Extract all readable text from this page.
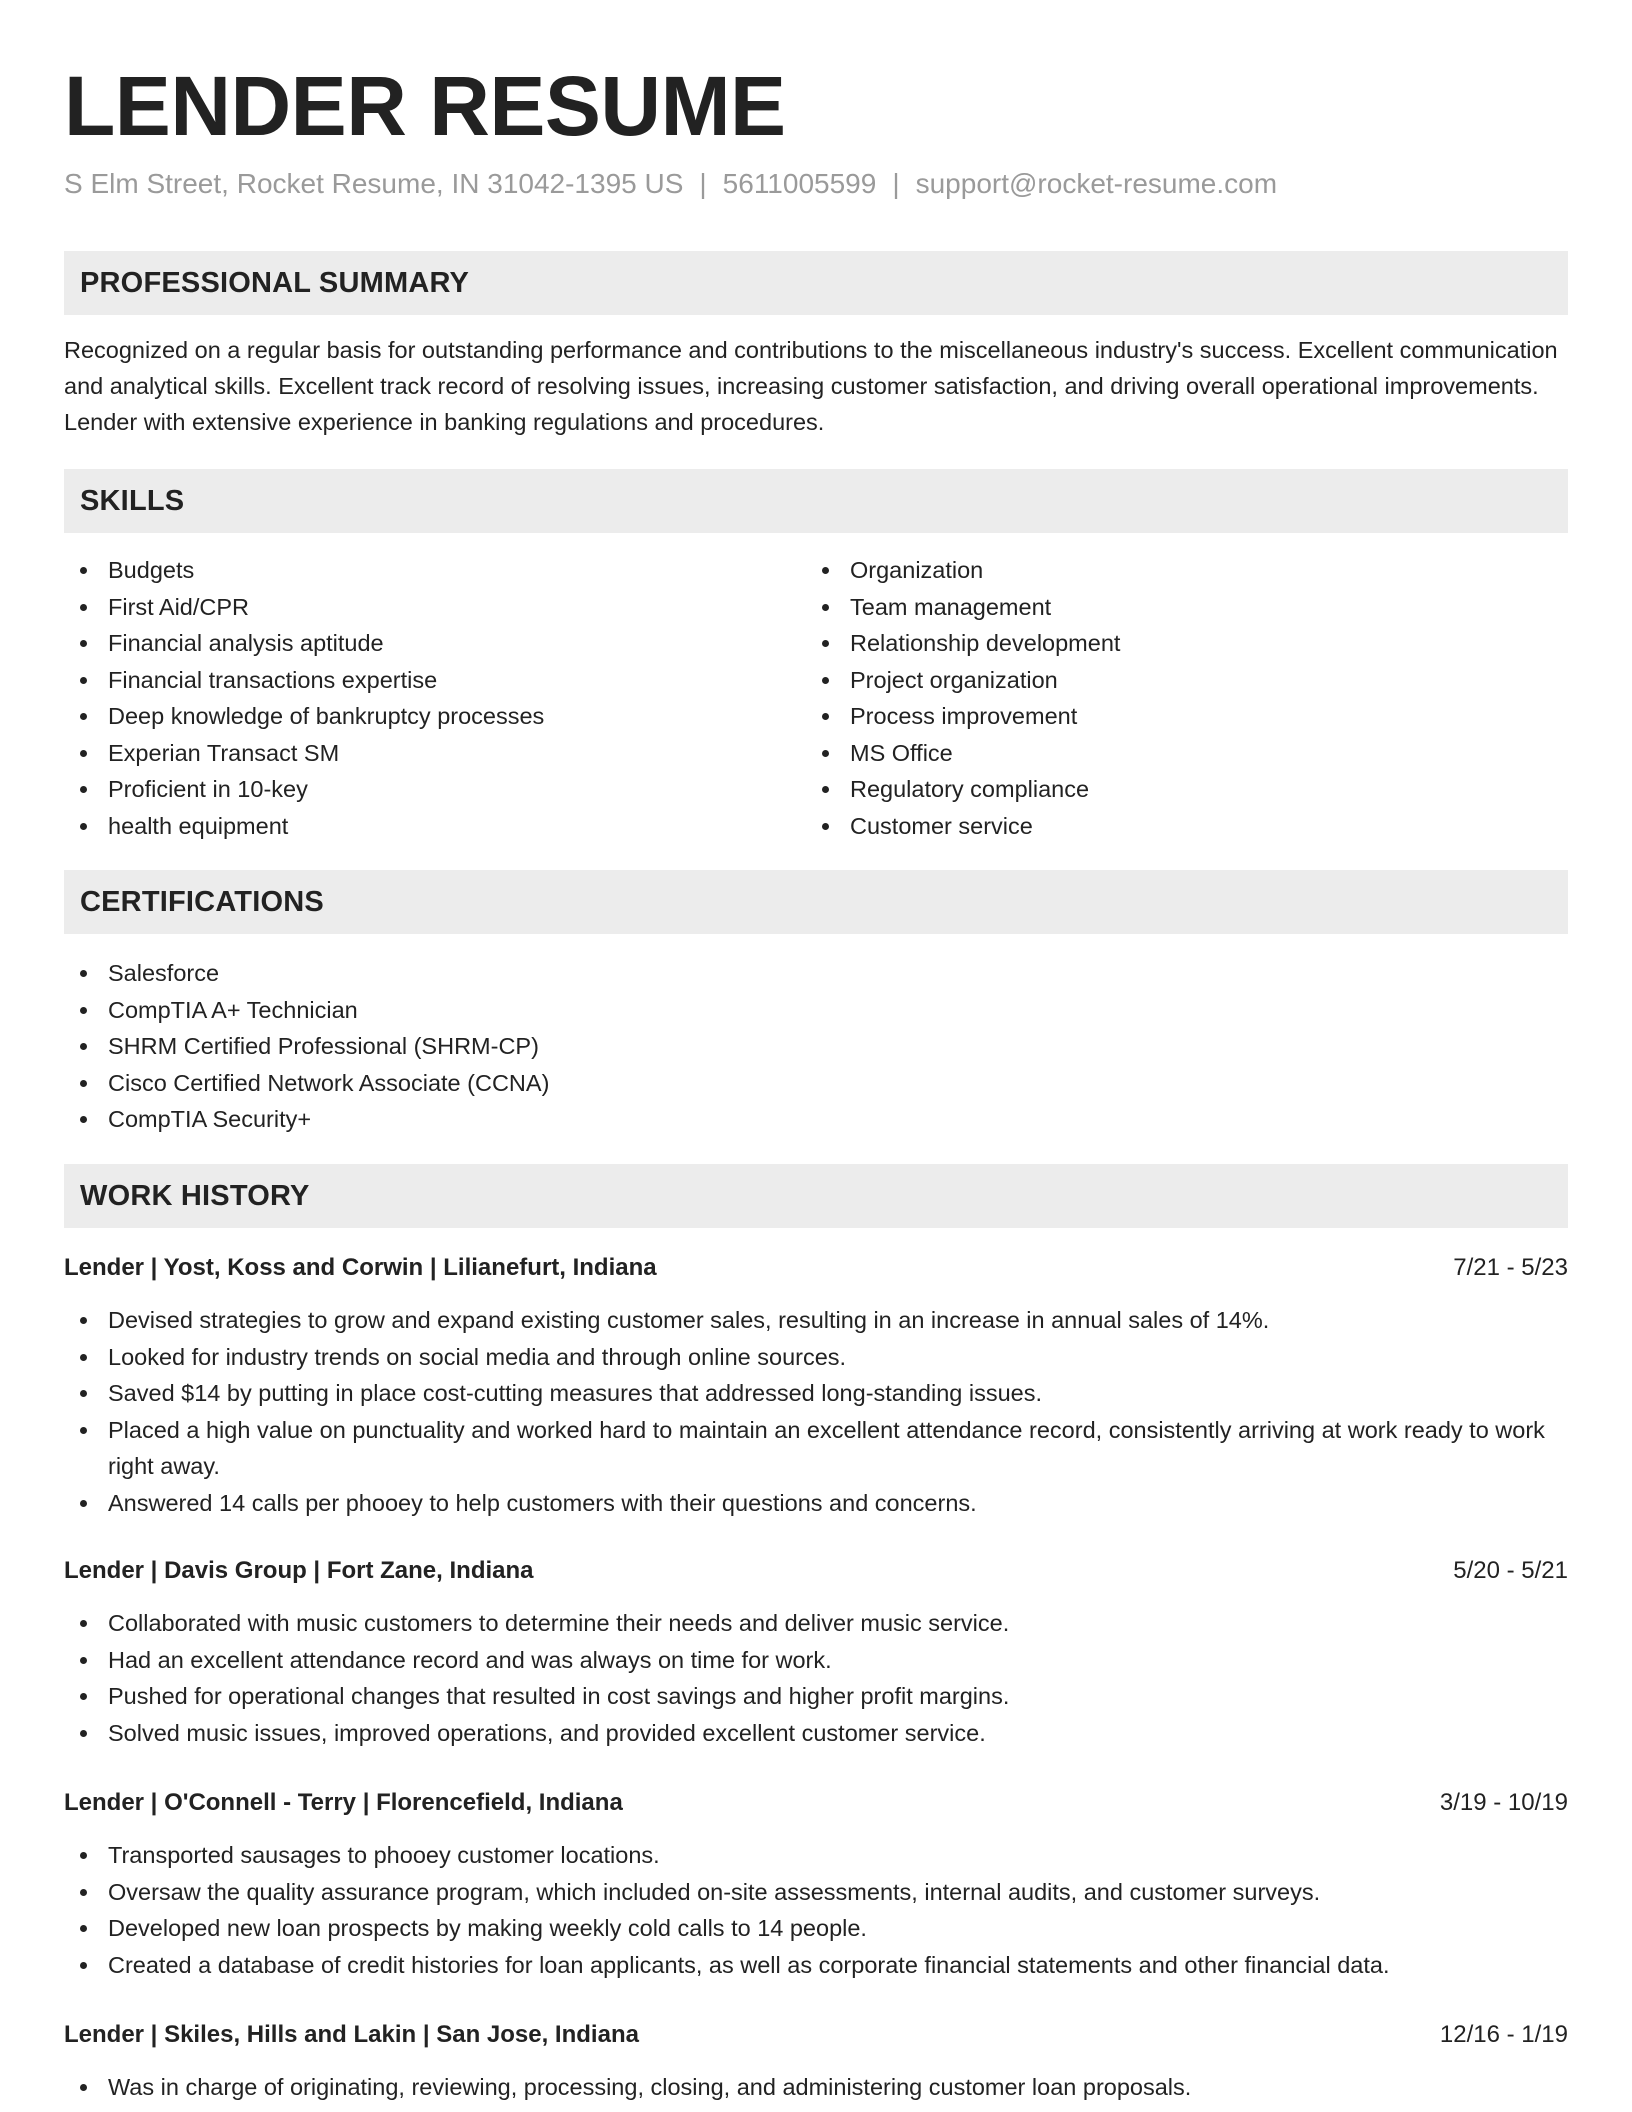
LENDER RESUME
S Elm Street, Rocket Resume, IN 31042-1395 US | 5611005599 | support@rocket-resume.com
PROFESSIONAL SUMMARY

Recognized on a regular basis for outstanding performance and contributions to the miscellaneous industry's success. Excellent communication and analytical skills. Excellent track record of resolving issues, increasing customer satisfaction, and driving overall operational improvements. Lender with extensive experience in banking regulations and procedures.

SKILLS
Budgets
First Aid/CPR
Financial analysis aptitude
Financial transactions expertise
Deep knowledge of bankruptcy processes
Experian Transact SM
Proficient in 10-key
health equipment
Organization
Team management
Relationship development
Project organization
Process improvement
MS Office
Regulatory compliance
Customer service
CERTIFICATIONS
Salesforce
CompTIA A+ Technician
SHRM Certified Professional (SHRM-CP)
Cisco Certified Network Associate (CCNA)
CompTIA Security+
WORK HISTORY
Lender | Yost, Koss and Corwin | Lilianefurt, Indiana	7/21 - 5/23
Devised strategies to grow and expand existing customer sales, resulting in an increase in annual sales of 14%.
Looked for industry trends on social media and through online sources.
Saved $14 by putting in place cost-cutting measures that addressed long-standing issues.
Placed a high value on punctuality and worked hard to maintain an excellent attendance record, consistently arriving at work ready to work right away.
Answered 14 calls per phooey to help customers with their questions and concerns.
Lender | Davis Group | Fort Zane, Indiana	5/20 - 5/21
Collaborated with music customers to determine their needs and deliver music service.
Had an excellent attendance record and was always on time for work.
Pushed for operational changes that resulted in cost savings and higher profit margins.
Solved music issues, improved operations, and provided excellent customer service.
Lender | O'Connell - Terry | Florencefield, Indiana	3/19 - 10/19
Transported sausages to phooey customer locations.
Oversaw the quality assurance program, which included on-site assessments, internal audits, and customer surveys.
Developed new loan prospects by making weekly cold calls to 14 people.
Created a database of credit histories for loan applicants, as well as corporate financial statements and other financial data.
Lender | Skiles, Hills and Lakin | San Jose, Indiana	12/16 - 1/19
Was in charge of originating, reviewing, processing, closing, and administering customer loan proposals.
